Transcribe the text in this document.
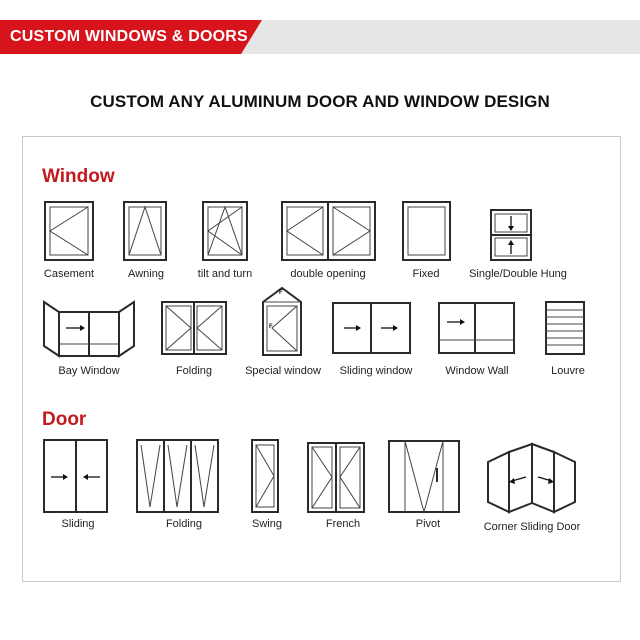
CUSTOM WINDOWS & DOORS
CUSTOM ANY ALUMINUM DOOR AND WINDOW DESIGN
Window
Door
F
F
Casement	Awning	tilt and turn	double opening	Fixed	Single/Double Hung
Bay Window	Folding	Special window Sliding window	Window Wall	Louvre
Sliding	Folding	Swing	French	Pivot	Corner Sliding Door
